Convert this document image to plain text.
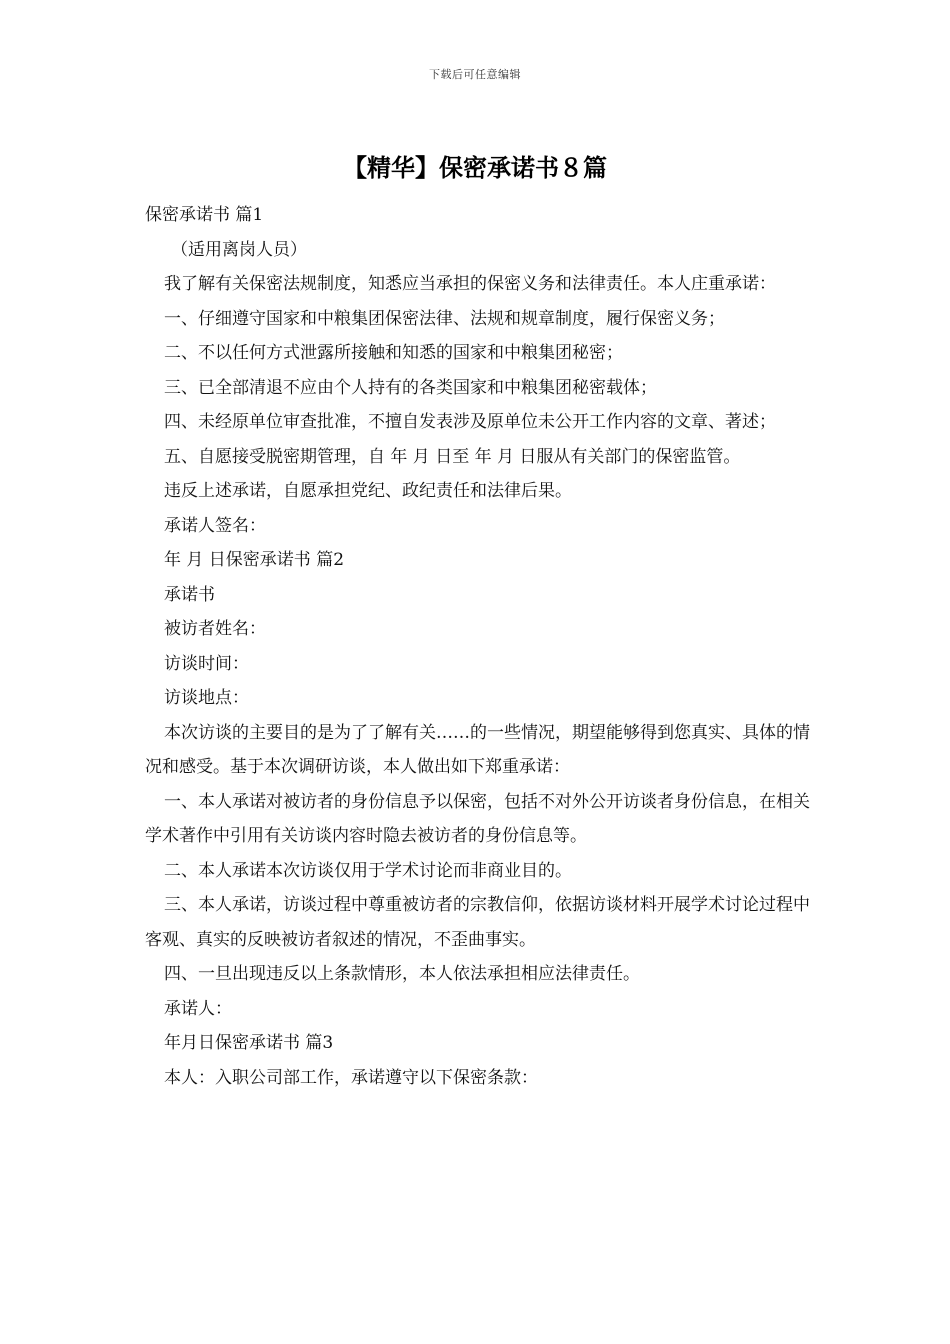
下载后可任意编辑
【精华】保密承诺书８篇

保密承诺书 篇1

（适用离岗人员）

我了解有关保密法规制度，知悉应当承担的保密义务和法律责任。本人庄重承诺：

一、仔细遵守国家和中粮集团保密法律、法规和规章制度，履行保密义务；

二、不以任何方式泄露所接触和知悉的国家和中粮集团秘密；

三、已全部清退不应由个人持有的各类国家和中粮集团秘密载体；

四、未经原单位审查批准，不擅自发表涉及原单位未公开工作内容的文章、著述；

五、自愿接受脱密期管理，自 年 月 日至 年 月 日服从有关部门的保密监管。

违反上述承诺，自愿承担党纪、政纪责任和法律后果。

承诺人签名：

年 月 日保密承诺书 篇2

承诺书

被访者姓名：

访谈时间：

访谈地点：

本次访谈的主要目的是为了了解有关……的一些情况，期望能够得到您真实、具体的情况和感受。基于本次调研访谈，本人做出如下郑重承诺：

一、本人承诺对被访者的身份信息予以保密，包括不对外公开访谈者身份信息，在相关学术著作中引用有关访谈内容时隐去被访者的身份信息等。

二、本人承诺本次访谈仅用于学术讨论而非商业目的。

三、本人承诺，访谈过程中尊重被访者的宗教信仰，依据访谈材料开展学术讨论过程中客观、真实的反映被访者叙述的情况，不歪曲事实。

四、一旦出现违反以上条款情形，本人依法承担相应法律责任。

承诺人：

年月日保密承诺书 篇3

本人：入职公司部工作，承诺遵守以下保密条款：
